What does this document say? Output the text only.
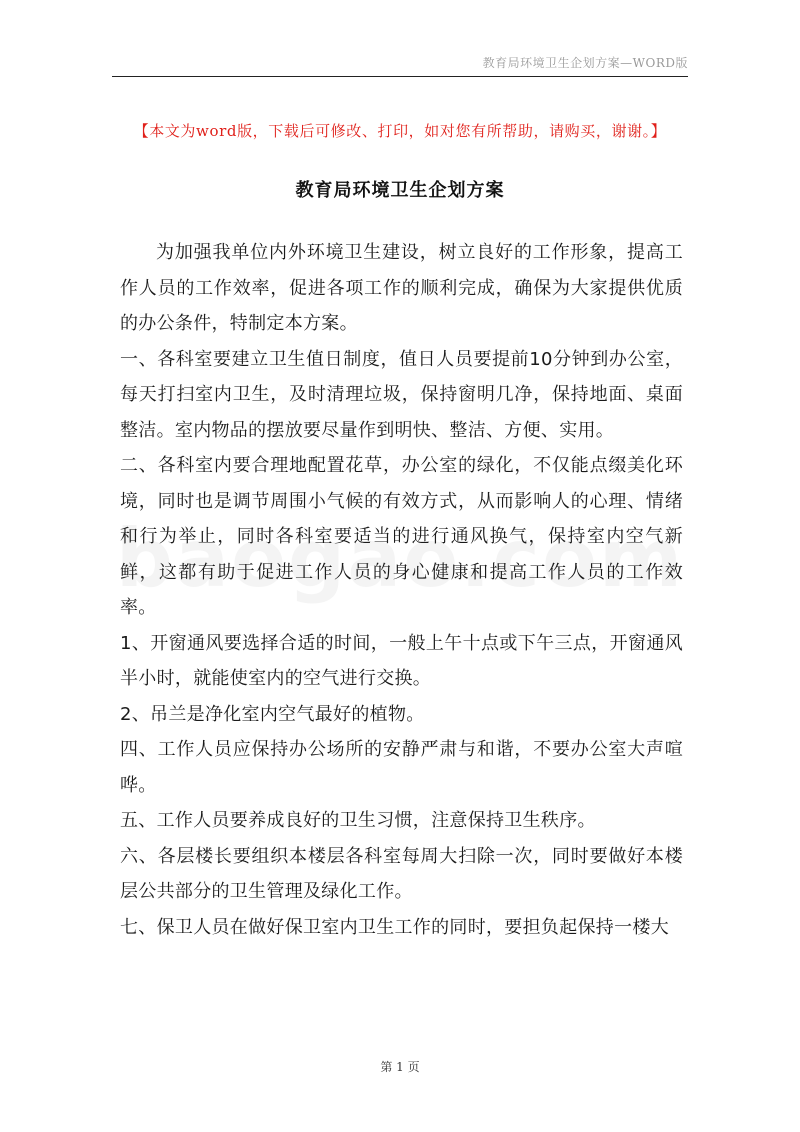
教育局环境卫生企划方案—WORD版
【本文为word版，下载后可修改、打印，如对您有所帮助，请购买，谢谢。】
教育局环境卫生企划方案

为加强我单位内外环境卫生建设，树立良好的工作形象，提高工作人员的工作效率，促进各项工作的顺利完成，确保为大家提供优质的办公条件，特制定本方案。

一、各科室要建立卫生值日制度，值日人员要提前10分钟到办公室，每天打扫室内卫生，及时清理垃圾，保持窗明几净，保持地面、桌面整洁。室内物品的摆放要尽量作到明快、整洁、方便、实用。

二、各科室内要合理地配置花草，办公室的绿化，不仅能点缀美化环境，同时也是调节周围小气候的有效方式，从而影响人的心理、情绪和行为举止，同时各科室要适当的进行通风换气，保持室内空气新鲜，这都有助于促进工作人员的身心健康和提高工作人员的工作效率。

1、开窗通风要选择合适的时间，一般上午十点或下午三点，开窗通风半小时，就能使室内的空气进行交换。

2、吊兰是净化室内空气最好的植物。

四、工作人员应保持办公场所的安静严肃与和谐，不要办公室大声喧哗。

五、工作人员要养成良好的卫生习惯，注意保持卫生秩序。

六、各层楼长要组织本楼层各科室每周大扫除一次，同时要做好本楼层公共部分的卫生管理及绿化工作。

七、保卫人员在做好保卫室内卫生工作的同时，要担负起保持一楼大

第 1 页
